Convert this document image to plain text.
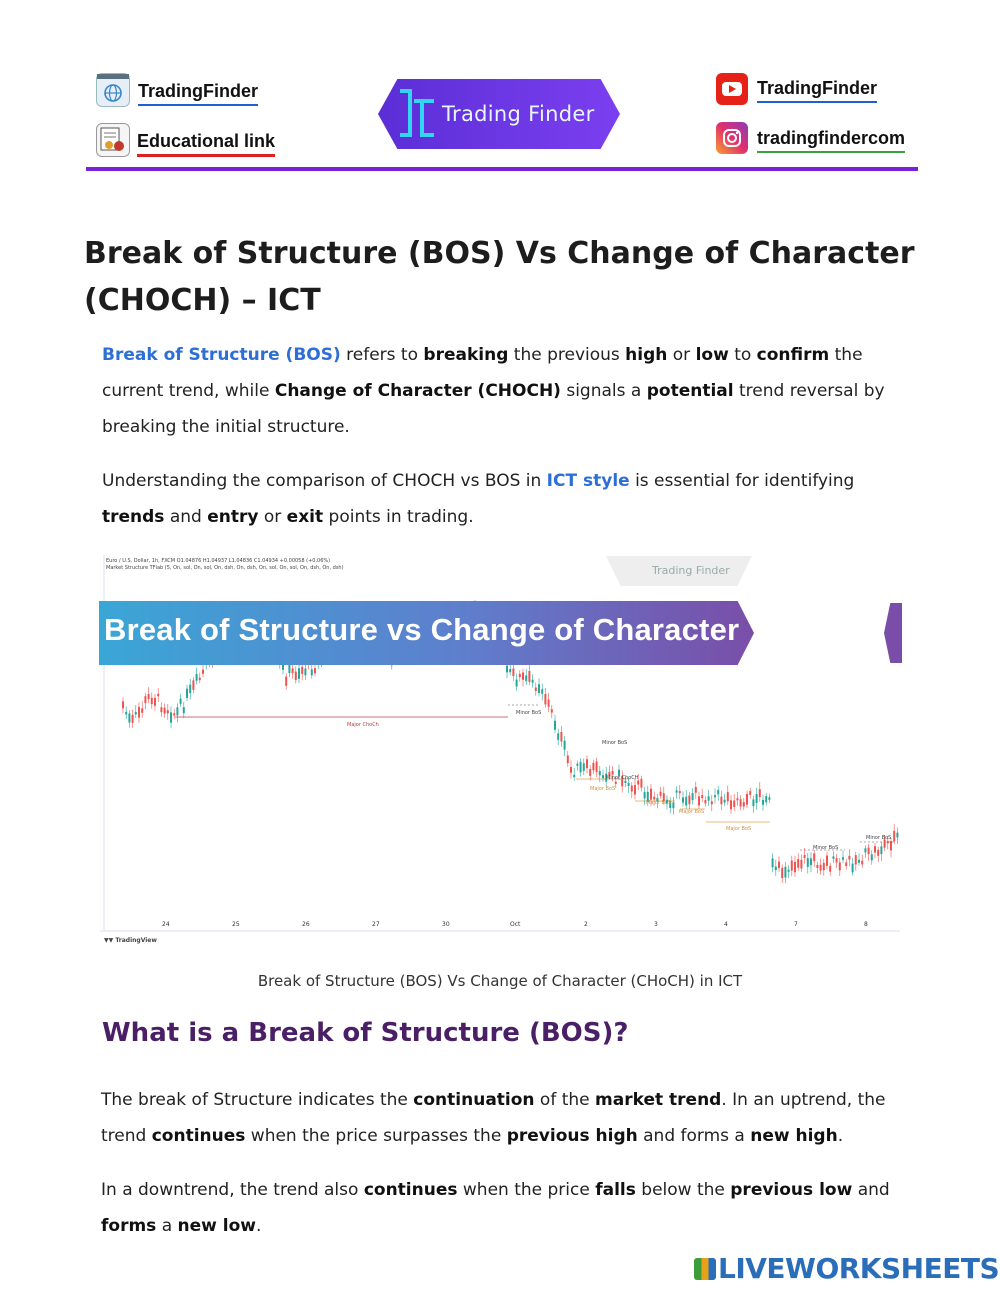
TradingFinder
Educational link
Trading Finder
TradingFinder
tradingfindercom
Break of Structure (BOS) Vs Change of Character (CHOCH) – ICT

Break of Structure (BOS) refers to breaking the previous high or low to confirm the current trend, while Change of Character (CHOCH) signals a potential trend reversal by breaking the initial structure.

Understanding the comparison of CHOCH vs BOS in ICT style is essential for identifying trends and entry or exit points in trading.

Euro / U.S. Dollar, 1h, FXCM O1.04876 H1.04937 L1.04836 C1.04934 +0.00058 (+0.06%)
Market Structure TFlab (5, On, sol, On, sol, On, dsh, On, dsh, On, sol, On, sol, On, dsh, On, dsh)	Trading Finder
Break of Structure vs Change of Character
Major ChoCh
Minor BoS
Minor BoS
Minor ChoCH
Major BoS
Major BoS
Major BoS
Major BoS
Minor BoS
Minor BoS
24	25	26	27	30	Oct	2	3	4	7	8
▼▼ TradingView
Break of Structure (BOS) Vs Change of Character (CHoCH) in ICT
What is a Break of Structure (BOS)?

The break of Structure indicates the continuation of the market trend. In an uptrend, the trend continues when the price surpasses the previous high and forms a new high.

In a downtrend, the trend also continues when the price falls below the previous low and forms a new low.

LIVEWORKSHEETS
